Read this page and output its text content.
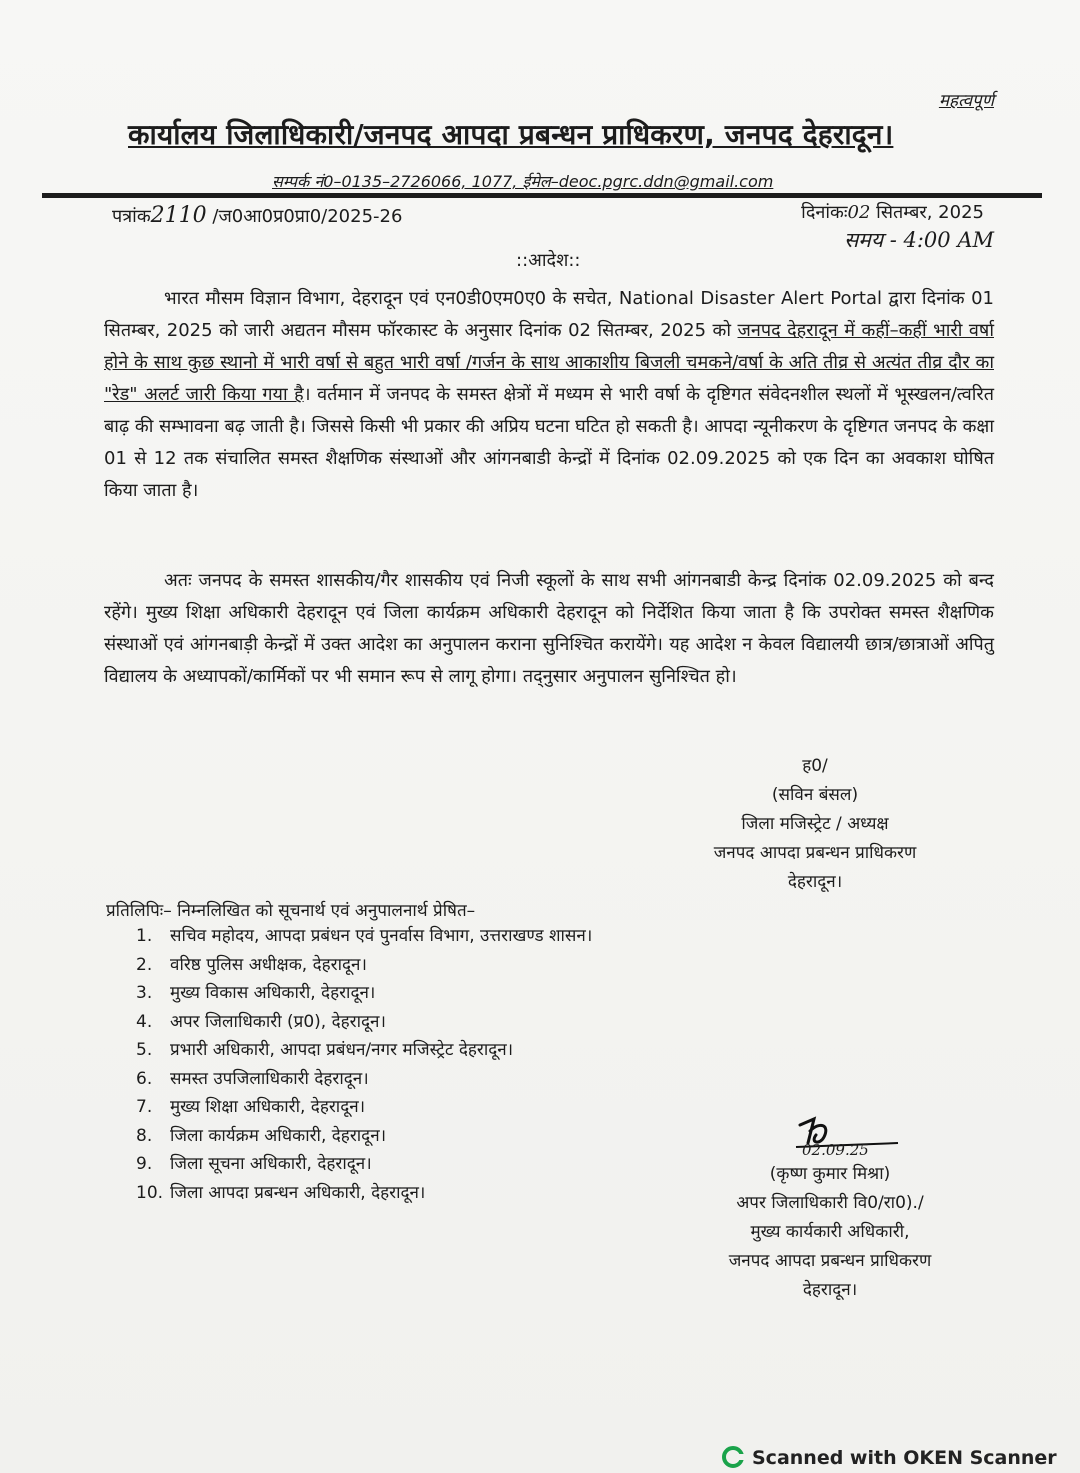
महत्वपूर्ण
कार्यालय जिलाधिकारी/जनपद आपदा प्रबन्धन प्राधिकरण, जनपद देहरादून।
सम्पर्क नं0–0135–2726066, 1077, ईमेल–deoc.pgrc.ddn@gmail.com
पत्रांक2110 /ज0आ0प्र0प्रा0/2025-26	दिनांकः02 सितम्बर, 2025
समय - 4:00 AM
::आदेश::
भारत मौसम विज्ञान विभाग, देहरादून एवं एन0डी0एम0ए0 के सचेत, National Disaster Alert Portal द्वारा दिनांक 01 सितम्बर, 2025 को जारी अद्यतन मौसम फॉरकास्ट के अनुसार दिनांक 02 सितम्बर, 2025 को जनपद देहरादून में कहीं–कहीं भारी वर्षा होने के साथ कुछ स्थानो में भारी वर्षा से बहुत भारी वर्षा /गर्जन के साथ आकाशीय बिजली चमकने/वर्षा के अति तीव्र से अत्यंत तीव्र दौर का "रेड" अलर्ट जारी किया गया है। वर्तमान में जनपद के समस्त क्षेत्रों में मध्यम से भारी वर्षा के दृष्टिगत संवेदनशील स्थलों में भूस्खलन/त्वरित बाढ़ की सम्भावना बढ़ जाती है। जिससे किसी भी प्रकार की अप्रिय घटना घटित हो सकती है। आपदा न्यूनीकरण के दृष्टिगत जनपद के कक्षा 01 से 12 तक संचालित समस्त शैक्षणिक संस्थाओं और आंगनबाडी केन्द्रों में दिनांक 02.09.2025 को एक दिन का अवकाश घोषित किया जाता है।
अतः जनपद के समस्त शासकीय/गैर शासकीय एवं निजी स्कूलों के साथ सभी आंगनबाडी केन्द्र दिनांक 02.09.2025 को बन्द रहेंगे। मुख्य शिक्षा अधिकारी देहरादून एवं जिला कार्यक्रम अधिकारी देहरादून को निर्देशित किया जाता है कि उपरोक्त समस्त शैक्षणिक संस्थाओं एवं आंगनबाड़ी केन्द्रों में उक्त आदेश का अनुपालन कराना सुनिश्चित करायेंगे। यह आदेश न केवल विद्यालयी छात्र/छात्राओं अपितु विद्यालय के अध्यापकों/कार्मिकों पर भी समान रूप से लागू होगा। तद्नुसार अनुपालन सुनिश्चित हो।
ह0/
(सविन बंसल)
जिला मजिस्ट्रेट / अध्यक्ष
जनपद आपदा प्रबन्धन प्राधिकरण
देहरादून।
प्रतिलिपिः– निम्नलिखित को सूचनार्थ एवं अनुपालनार्थ प्रेषित–
1. सचिव महोदय, आपदा प्रबंधन एवं पुनर्वास विभाग, उत्तराखण्ड शासन।
2. वरिष्ठ पुलिस अधीक्षक, देहरादून।
3. मुख्य विकास अधिकारी, देहरादून।
4. अपर जिलाधिकारी (प्र0), देहरादून।
5. प्रभारी अधिकारी, आपदा प्रबंधन/नगर मजिस्ट्रेट देहरादून।
6. समस्त उपजिलाधिकारी देहरादून।
7. मुख्य शिक्षा अधिकारी, देहरादून।
8. जिला कार्यक्रम अधिकारी, देहरादून।
9. जिला सूचना अधिकारी, देहरादून।
10. जिला आपदा प्रबन्धन अधिकारी, देहरादून।
02.09.25
(कृष्ण कुमार मिश्रा)
अपर जिलाधिकारी वि0/रा0)./
मुख्य कार्यकारी अधिकारी,
जनपद आपदा प्रबन्धन प्राधिकरण
देहरादून।
Scanned with OKEN Scanner
